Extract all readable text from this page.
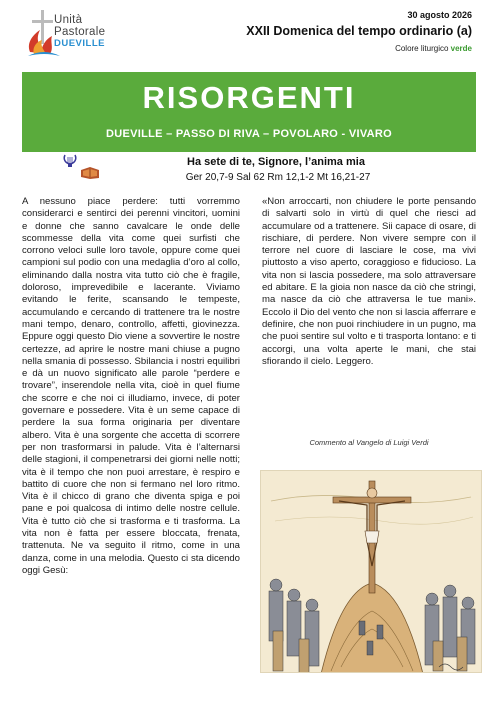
Unità
Pastorale
DUEVILLE
30 agosto 2026
XXII Domenica del tempo ordinario (a)
Colore liturgico verde
RISORGENTI
DUEVILLE – PASSO DI RIVA – POVOLARO - VIVARO
Ha sete di te, Signore, l’anima mia
Ger 20,7-9 Sal 62 Rm 12,1-2 Mt 16,21-27

A nessuno piace perdere: tutti vorremmo considerarci e sentirci dei perenni vincitori, uomini e donne che sanno cavalcare le onde delle scommesse della vita come quei surfisti che corrono veloci sulle loro tavole, oppure come quei campioni sul podio con una medaglia d’oro al collo, eliminando dalla nostra vita tutto ciò che è fragile, doloroso, imprevedibile e lacerante. Viviamo evitando le ferite, scansando le tempeste, accumulando e cercando di trattenere tra le nostre mani tempo, denaro, controllo, affetti, giovinezza. Eppure oggi questo Dio viene a sovvertire le nostre certezze, ad aprire le nostre mani chiuse a pugno nella smania di possesso. Sbilancia i nostri equilibri e dà un nuovo significato alle parole “perdere e trovare”, inserendole nella vita, cioè in quel fiume che scorre e che noi ci illudiamo, invece, di poter governare e possedere. Vita è un seme capace di perdere la sua forma originaria per diventare albero. Vita è una sorgente che accetta di scorrere per non trasformarsi in palude. Vita è l’alternarsi delle stagioni, il compenetrarsi dei giorni nelle notti; vita è il tempo che non puoi arrestare, è respiro e battito di cuore che non si fermano nel loro ritmo. Vita è il chicco di grano che diventa spiga e poi pane e poi qualcosa di intimo delle nostre cellule. Vita è tutto ciò che si trasforma e ti trasforma. La vita non è fatta per essere bloccata, frenata, trattenuta. Ne va seguito il ritmo, come in una danza, come in una melodia. Questo ci sta dicendo oggi Gesù:

«Non arroccarti, non chiudere le porte pensando di salvarti solo in virtù di quel che riesci ad accumulare od a trattenere. Sii capace di osare, di rischiare, di perdere. Non vivere sempre con il terrore nel cuore di lasciare le cose, ma vivi piuttosto a viso aperto, coraggioso e fiducioso. La vita non si lascia possedere, ma solo attraversare ed abitare. E la gioia non nasce da ciò che stringi, ma nasce da ciò che attraversa le tue mani». Eccolo il Dio del vento che non si lascia afferrare e definire, che non puoi rinchiudere in un pugno, ma che puoi sentire sul volto e ti trasporta lontano: e ti accorgi, una volta aperte le mani, che stai sfiorando il cielo. Leggero.

Commento al Vangelo di Luigi Verdi
